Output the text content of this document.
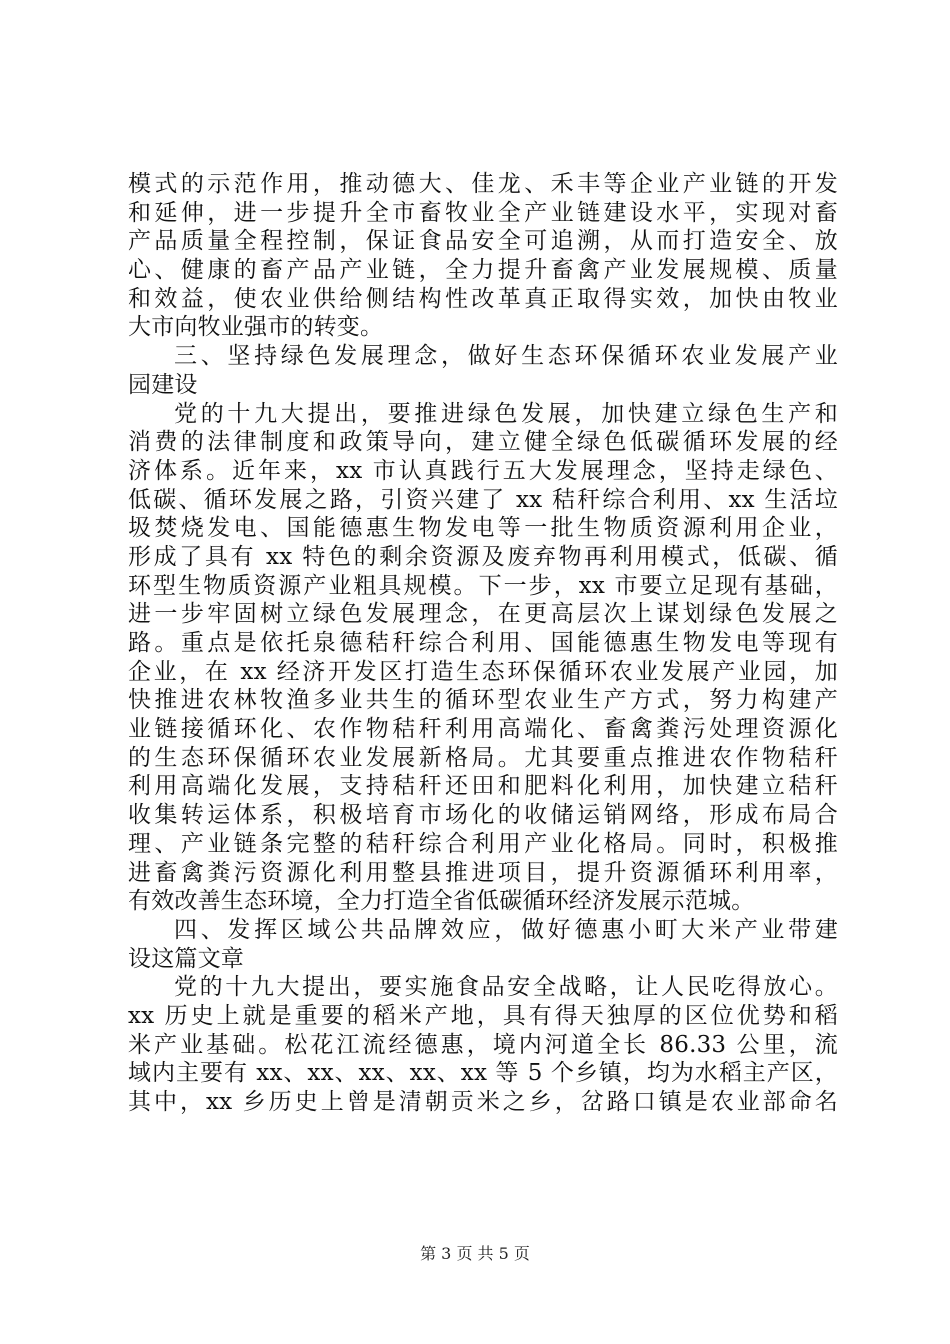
模式的示范作用，推动德大、佳龙、禾丰等企业产业链的开发
和延伸，进一步提升全市畜牧业全产业链建设水平，实现对畜
产品质量全程控制，保证食品安全可追溯，从而打造安全、放
心、健康的畜产品产业链，全力提升畜禽产业发展规模、质量
和效益，使农业供给侧结构性改革真正取得实效，加快由牧业
大市向牧业强市的转变。
三、坚持绿色发展理念，做好生态环保循环农业发展产业
园建设
党的十九大提出，要推进绿色发展，加快建立绿色生产和
消费的法律制度和政策导向，建立健全绿色低碳循环发展的经
济体系。近年来，xx 市认真践行五大发展理念，坚持走绿色、
低碳、循环发展之路，引资兴建了 xx 秸秆综合利用、xx 生活垃
圾焚烧发电、国能德惠生物发电等一批生物质资源利用企业，
形成了具有 xx 特色的剩余资源及废弃物再利用模式，低碳、循
环型生物质资源产业粗具规模。下一步，xx 市要立足现有基础，
进一步牢固树立绿色发展理念，在更高层次上谋划绿色发展之
路。重点是依托泉德秸秆综合利用、国能德惠生物发电等现有
企业，在 xx 经济开发区打造生态环保循环农业发展产业园，加
快推进农林牧渔多业共生的循环型农业生产方式，努力构建产
业链接循环化、农作物秸秆利用高端化、畜禽粪污处理资源化
的生态环保循环农业发展新格局。尤其要重点推进农作物秸秆
利用高端化发展，支持秸秆还田和肥料化利用，加快建立秸秆
收集转运体系，积极培育市场化的收储运销网络，形成布局合
理、产业链条完整的秸秆综合利用产业化格局。同时，积极推
进畜禽粪污资源化利用整县推进项目，提升资源循环利用率，
有效改善生态环境，全力打造全省低碳循环经济发展示范城。
四、发挥区域公共品牌效应，做好德惠小町大米产业带建
设这篇文章
党的十九大提出，要实施食品安全战略，让人民吃得放心。
xx 历史上就是重要的稻米产地，具有得天独厚的区位优势和稻
米产业基础。松花江流经德惠，境内河道全长 86.33 公里，流
域内主要有 xx、xx、xx、xx、xx 等 5 个乡镇，均为水稻主产区，
其中，xx 乡历史上曾是清朝贡米之乡，岔路口镇是农业部命名
第 3 页 共 5 页
